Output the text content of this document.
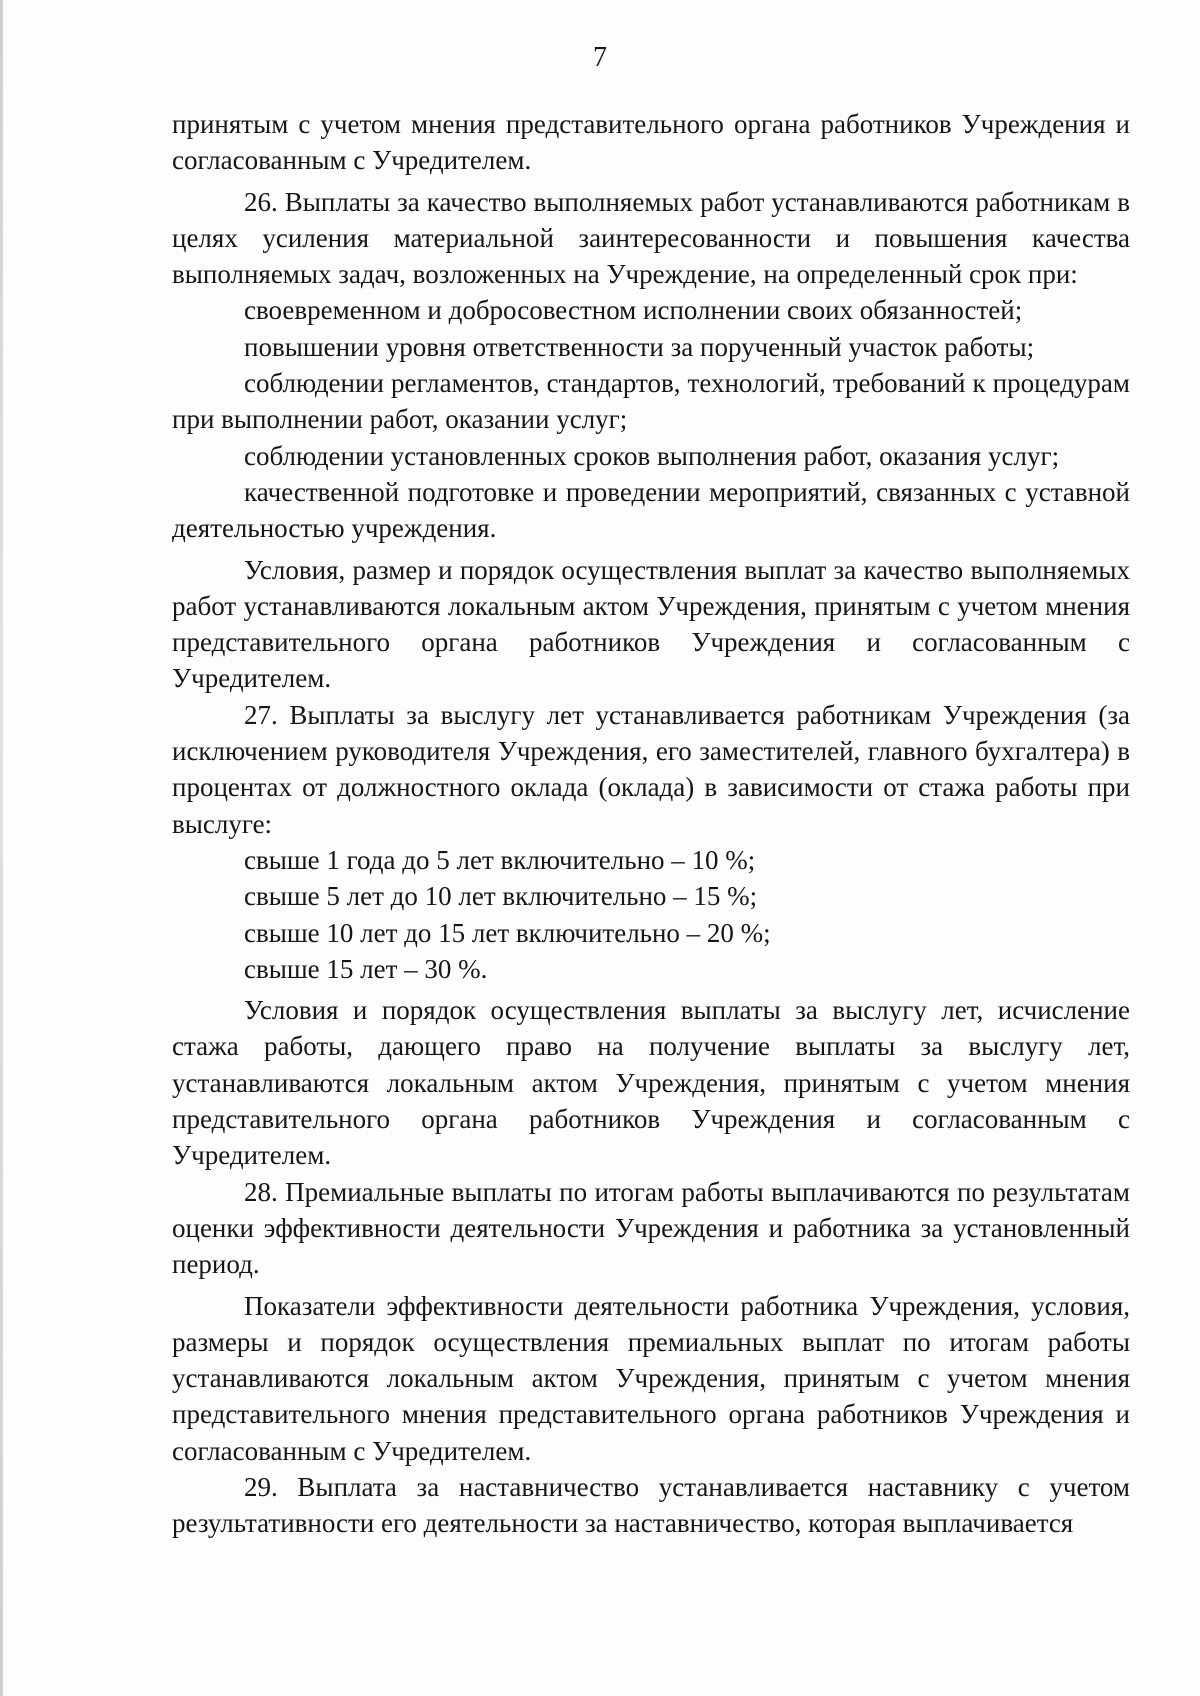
7

принятым с учетом мнения представительного органа работников Учреждения и согласованным с Учредителем.

26. Выплаты за качество выполняемых работ устанавливаются работникам в целях усиления материальной заинтересованности и повышения качества выполняемых задач, возложенных на Учреждение, на определенный срок при:

своевременном и добросовестном исполнении своих обязанностей;

повышении уровня ответственности за порученный участок работы;

соблюдении регламентов, стандартов, технологий, требований к процедурам при выполнении работ, оказании услуг;

соблюдении установленных сроков выполнения работ, оказания услуг;

качественной подготовке и проведении мероприятий, связанных с уставной деятельностью учреждения.

Условия, размер и порядок осуществления выплат за качество выполняемых работ устанавливаются локальным актом Учреждения, принятым с учетом мнения представительного органа работников Учреждения и согласованным с Учредителем.

27. Выплаты за выслугу лет устанавливается работникам Учреждения (за исключением руководителя Учреждения, его заместителей, главного бухгалтера) в процентах от должностного оклада (оклада) в зависимости от стажа работы при выслуге:

свыше 1 года до 5 лет включительно – 10 %;

свыше 5 лет до 10 лет включительно – 15 %;

свыше 10 лет до 15 лет включительно – 20 %;

свыше 15 лет – 30 %.

Условия и порядок осуществления выплаты за выслугу лет, исчисление стажа работы, дающего право на получение выплаты за выслугу лет, устанавливаются локальным актом Учреждения, принятым с учетом мнения представительного органа работников Учреждения и согласованным с Учредителем.

28. Премиальные выплаты по итогам работы выплачиваются по результатам оценки эффективности деятельности Учреждения и работника за установленный период.

Показатели эффективности деятельности работника Учреждения, условия, размеры и порядок осуществления премиальных выплат по итогам работы устанавливаются локальным актом Учреждения, принятым с учетом мнения представительного мнения представительного органа работников Учреждения и согласованным с Учредителем.

29. Выплата за наставничество устанавливается наставнику с учетом результативности его деятельности за наставничество, которая выплачивается
